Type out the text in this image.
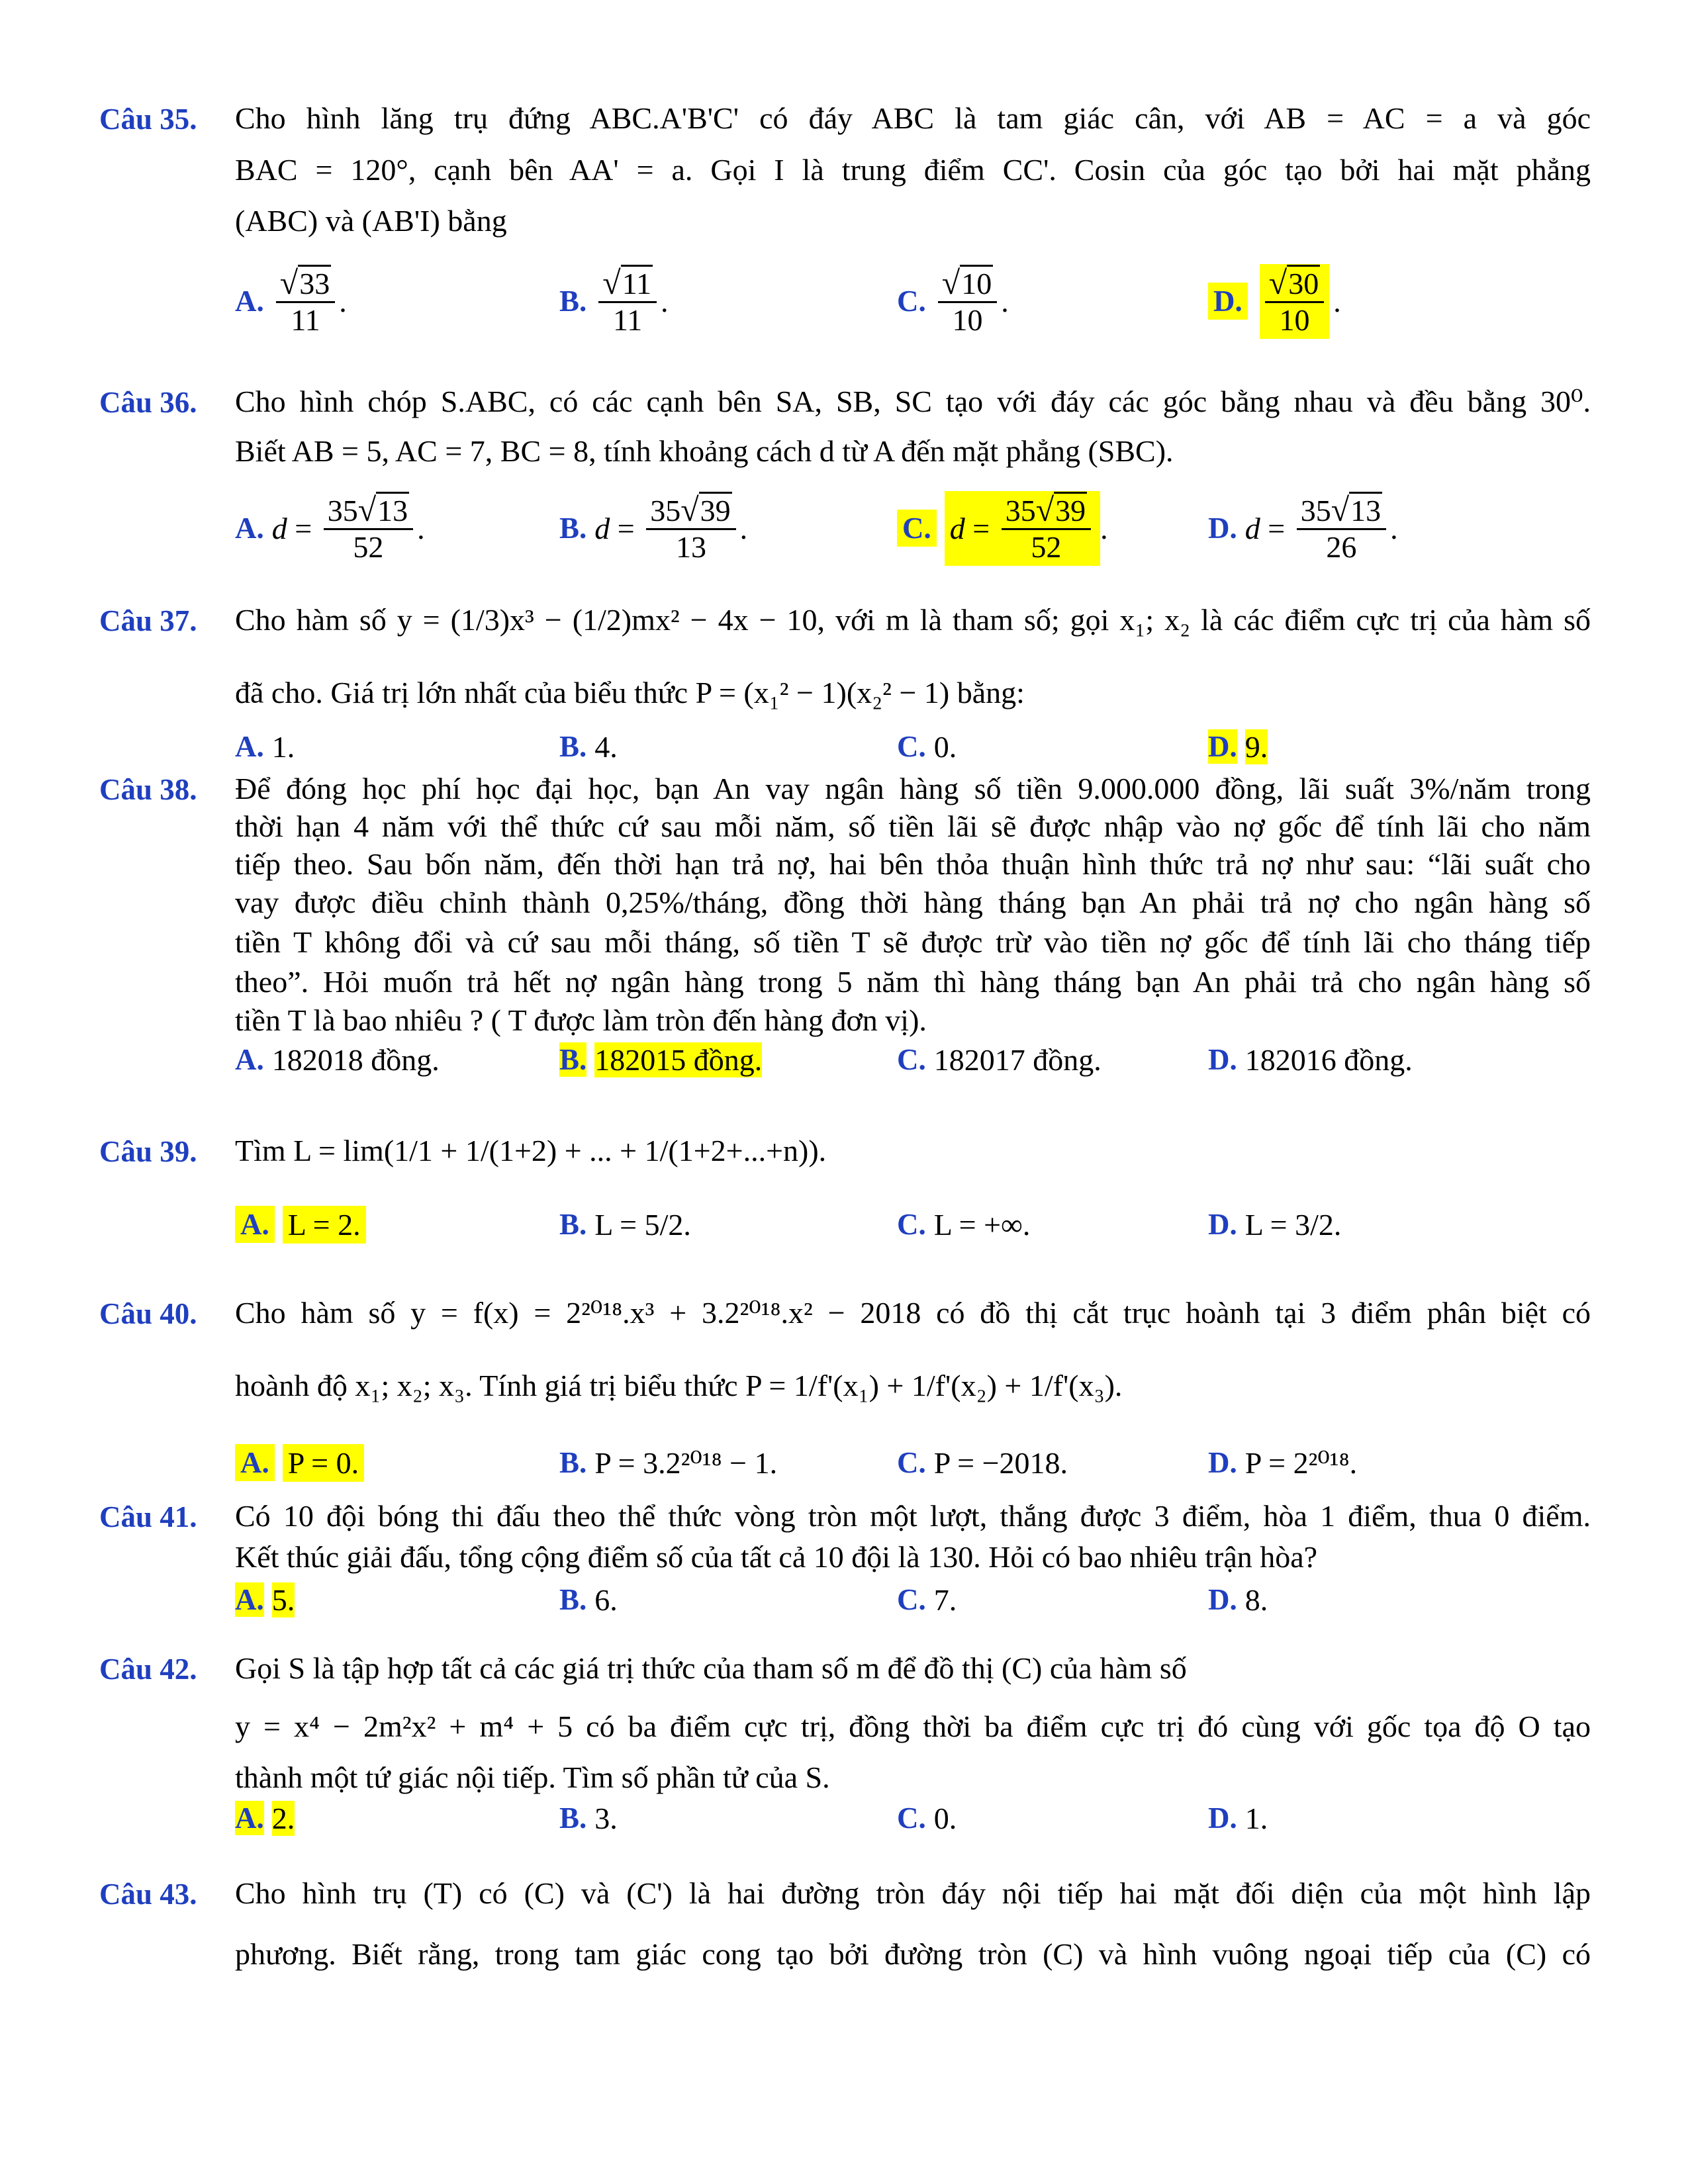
Câu 35. Cho hình lăng trụ đứng ABC.A'B'C' có đáy ABC là tam giác cân, với AB = AC = a và góc
BAC = 120°, cạnh bên AA' = a. Gọi I là trung điểm CC'. Cosin của góc tạo bởi hai mặt phẳng
(ABC) và (AB'I) bằng
A. $\frac{√33}{11}$ .	B. $\frac{√11}{11}$ .	C. $\frac{√10}{10}$ .	D. $\frac{√30}{10}$ .
Câu 36. Cho hình chóp S.ABC, có các cạnh bên SA, SB, SC tạo với đáy các góc bằng nhau và đều bằng 30⁰.
Biết AB = 5, AC = 7, BC = 8, tính khoảng cách d từ A đến mặt phẳng (SBC).
A. $d = \frac{35√13}{52}$ .	B. $d = \frac{35√39}{13}$ .	C. $d = \frac{35√39}{52}$ .	D. $d = \frac{35√13}{26}$ .
Câu 37. Cho hàm số y = (1/3)x³ − (1/2)mx² − 4x − 10, với m là tham số; gọi x₁; x₂ là các điểm cực trị của hàm số
đã cho. Giá trị lớn nhất của biểu thức P = (x₁² − 1)(x₂² − 1) bằng:
A. 1.	B. 4.	C. 0.	D. 9.
Câu 38. Để đóng học phí học đại học, bạn An vay ngân hàng số tiền 9.000.000 đồng, lãi suất 3%/năm trong
thời hạn 4 năm với thể thức cứ sau mỗi năm, số tiền lãi sẽ được nhập vào nợ gốc để tính lãi cho năm
tiếp theo. Sau bốn năm, đến thời hạn trả nợ, hai bên thỏa thuận hình thức trả nợ như sau: “lãi suất cho
vay được điều chỉnh thành 0,25%/tháng, đồng thời hàng tháng bạn An phải trả nợ cho ngân hàng số
tiền T không đổi và cứ sau mỗi tháng, số tiền T sẽ được trừ vào tiền nợ gốc để tính lãi cho tháng tiếp
theo”. Hỏi muốn trả hết nợ ngân hàng trong 5 năm thì hàng tháng bạn An phải trả cho ngân hàng số
tiền T là bao nhiêu ? ( T được làm tròn đến hàng đơn vị).
A. 182018 đồng.	B. 182015 đồng.	C. 182017 đồng.	D. 182016 đồng.
Câu 39. Tìm L = lim(1/1 + 1/(1+2) + ... + 1/(1+2+...+n)).
A. L = 2.	B. L = 5/2.	C. L = +∞.	D. L = 3/2.
Câu 40. Cho hàm số y = f(x) = 2²⁰¹⁸.x³ + 3.2²⁰¹⁸.x² − 2018 có đồ thị cắt trục hoành tại 3 điểm phân biệt có
hoành độ x₁; x₂; x₃. Tính giá trị biểu thức P = 1/f'(x₁) + 1/f'(x₂) + 1/f'(x₃).
A. P = 0.	B. P = 3.2²⁰¹⁸ − 1.	C. P = −2018.	D. P = 2²⁰¹⁸.
Câu 41. Có 10 đội bóng thi đấu theo thể thức vòng tròn một lượt, thắng được 3 điểm, hòa 1 điểm, thua 0 điểm.
Kết thúc giải đấu, tổng cộng điểm số của tất cả 10 đội là 130. Hỏi có bao nhiêu trận hòa?
A. 5.	B. 6.	C. 7.	D. 8.
Câu 42. Gọi S là tập hợp tất cả các giá trị thức của tham số m để đồ thị (C) của hàm số
y = x⁴ − 2m²x² + m⁴ + 5 có ba điểm cực trị, đồng thời ba điểm cực trị đó cùng với gốc tọa độ O tạo
thành một tứ giác nội tiếp. Tìm số phần tử của S.
A. 2.	B. 3.	C. 0.	D. 1.
Câu 43. Cho hình trụ (T) có (C) và (C') là hai đường tròn đáy nội tiếp hai mặt đối diện của một hình lập
phương. Biết rằng, trong tam giác cong tạo bởi đường tròn (C) và hình vuông ngoại tiếp của (C) có
